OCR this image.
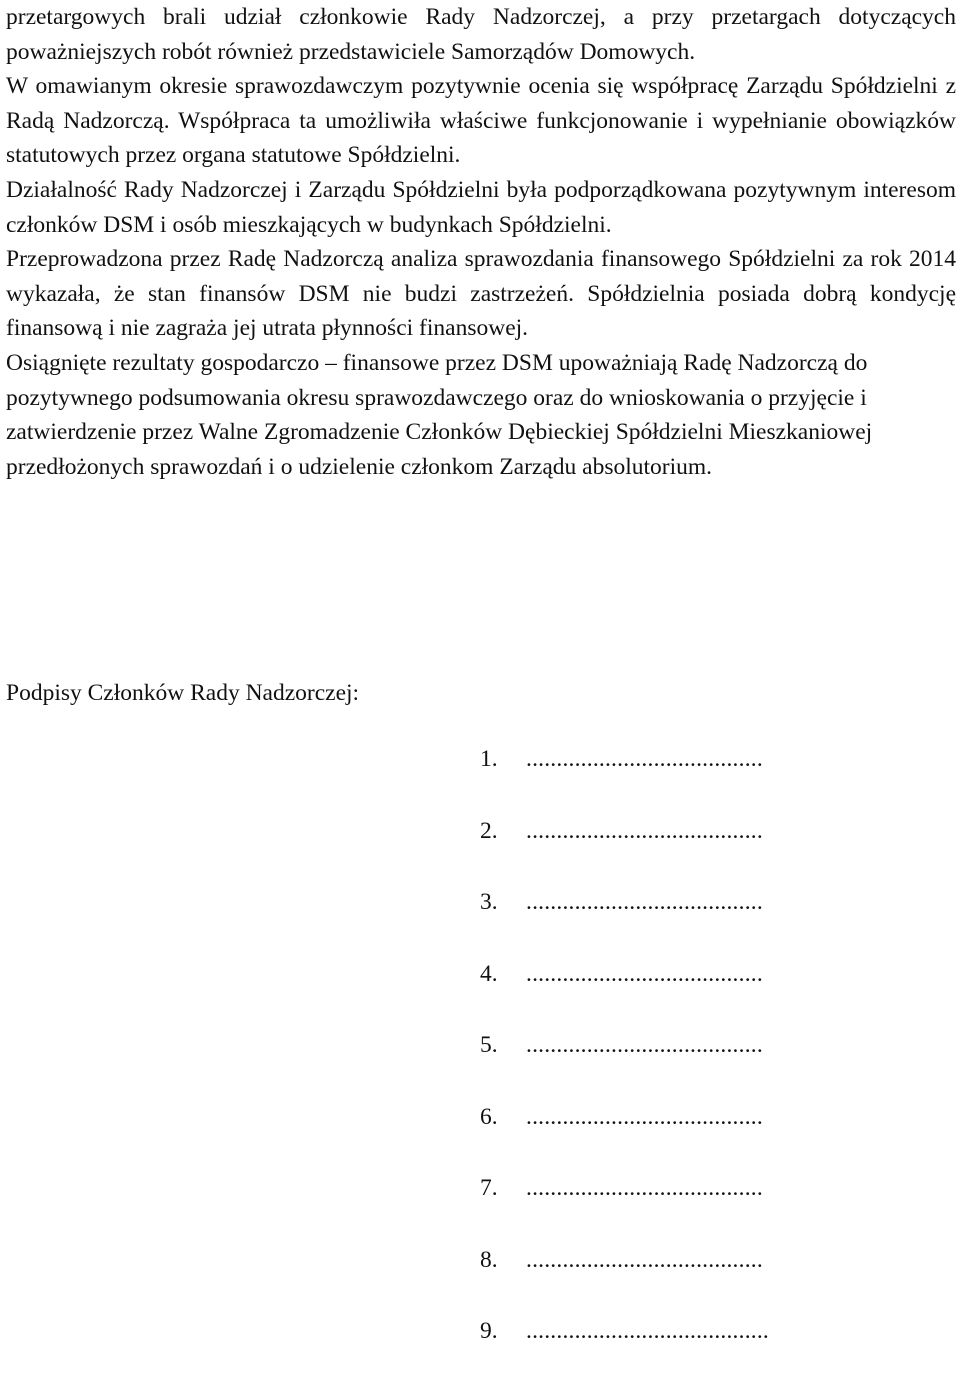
przetargowych brali udział członkowie Rady Nadzorczej, a przy przetargach dotyczących poważniejszych robót również przedstawiciele Samorządów Domowych.

W omawianym okresie sprawozdawczym pozytywnie ocenia się współpracę Zarządu Spółdzielni z Radą Nadzorczą. Współpraca ta umożliwiła właściwe funkcjonowanie i wypełnianie obowiązków statutowych przez organa statutowe Spółdzielni.

Działalność Rady Nadzorczej i Zarządu Spółdzielni była podporządkowana pozytywnym interesom członków DSM i osób mieszkających w budynkach Spółdzielni.

Przeprowadzona przez Radę Nadzorczą analiza sprawozdania finansowego Spółdzielni za rok 2014 wykazała, że stan finansów DSM nie budzi zastrzeżeń. Spółdzielnia posiada dobrą kondycję finansową i nie zagraża jej utrata płynności finansowej.

Osiągnięte rezultaty gospodarczo – finansowe przez DSM upoważniają Radę Nadzorczą do pozytywnego podsumowania okresu sprawozdawczego oraz do wnioskowania o przyjęcie i zatwierdzenie przez Walne Zgromadzenie Członków Dębieckiej Spółdzielni Mieszkaniowej przedłożonych sprawozdań i o udzielenie członkom Zarządu absolutorium.

Podpisy Członków Rady Nadzorczej:

1.	.......................................
2.	.......................................
3.	.......................................
4.	.......................................
5.	.......................................
6.	.......................................
7.	.......................................
8.	.......................................
9.	........................................
